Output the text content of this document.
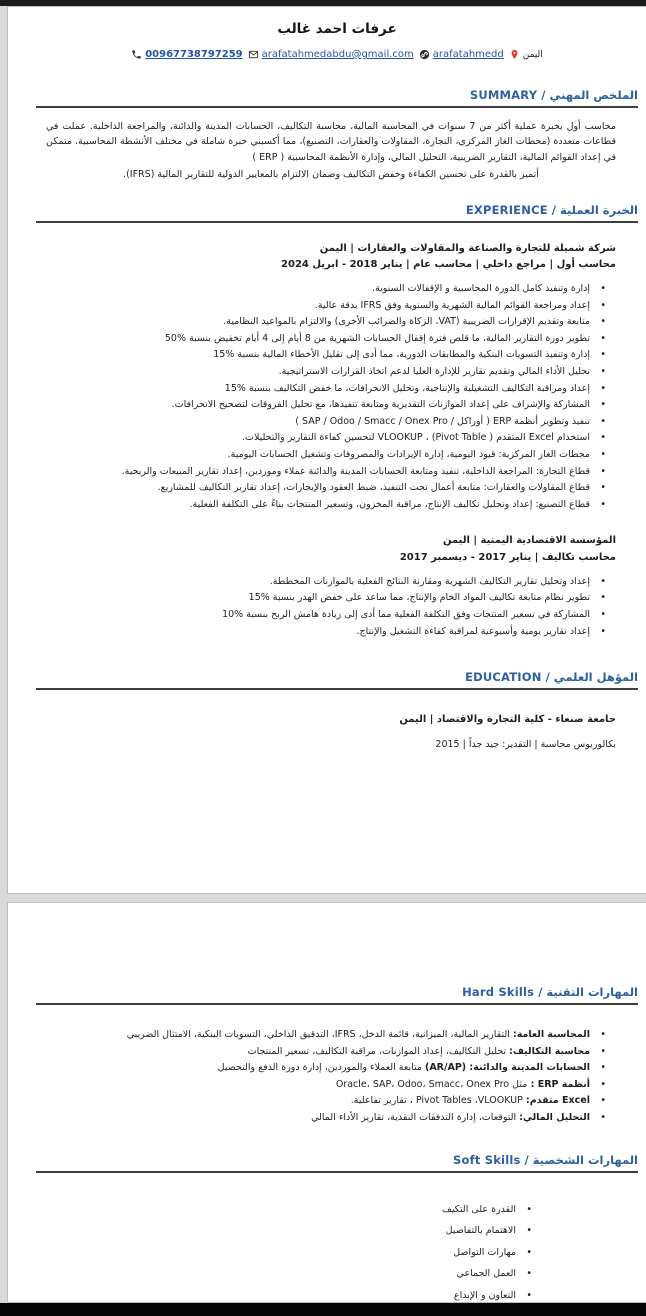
عرفات احمد غالب
00967738797259 arafatahmedabdu@gmail.com arafatahmedd اليمن
الملخص المهني / SUMMARY

محاسب أول بخبرة عملية أكثر من 7 سنوات في المحاسبة المالية، محاسبة التكاليف، الحسابات المدينة والدائنة، والمراجعة الداخلية. عملت في قطاعات متعددة (محطات الغاز المركزي، التجارة، المقاولات والعقارات، التصنيع)، مما أكسبني خبرة شاملة في مختلف الأنشطة المحاسبية. متمكن في إعداد القوائم المالية، التقارير الضريبية، التحليل المالي، وإدارة الأنظمة المحاسبية ( ERP )

أتميز بالقدرة على تحسين الكفاءة وخفض التكاليف وضمان الالتزام بالمعايير الدولية للتقارير المالية (IFRS).

الخبرة العملية / EXPERIENCE
شركة شميلة للتجارة والصناعة والمقاولات والعقارات | اليمن
محاسب أول | مراجع داخلي | محاسب عام | يناير 2018 - ابريل 2024
• إدارة وتنفيذ كامل الدورة المحاسبية و الإقفالات السنوية.
• إعداد ومراجعة القوائم المالية الشهرية والسنوية وفق IFRS بدقة عالية.
• متابعة وتقديم الإقرارات الضريبية (VAT، الزكاة والضرائب الأخرى) والالتزام بالمواعيد النظامية.
• تطوير دورة التقارير المالية، ما قلص فترة إقفال الحسابات الشهرية من 8 أيام إلى 4 أيام تخفيض بنسبة %50
• إدارة وتنفيذ التسويات البنكية والمطابقات الدورية، مما أدى إلى تقليل الأخطاء المالية بنسبة %15
• تحليل الأداء المالي وتقديم تقارير للإدارة العليا لدعم اتخاذ القرارات الاستراتيجية.
• إعداد ومراقبة التكاليف التشغيلية والإنتاجية، وتحليل الانحرافات، ما خفض التكاليف بنسبة %15
• المشاركة والإشراف على إعداد الموازنات التقديرية ومتابعة تنفيذها، مع تحليل الفروقات لتصحيح الانحرافات.
• تنفيذ وتطوير أنظمة ERP ( أوراكل / SAP / Odoo / Smacc / Onex Pro )
• استخدام Excel المتقدم VLOOKUP ، (Pivot Table ) لتحسين كفاءة التقارير والتحليلات.
• محطات الغاز المركزية: قيود اليومية، إدارة الإيرادات والمصروفات وتشغيل الحسابات اليومية.
• قطاع التجارة: المراجعة الداخلية، تنفيذ ومتابعة الحسابات المدينة والدائنة عملاء وموردين، إعداد تقارير المبيعات والربحية.
• قطاع المقاولات والعقارات: متابعة أعمال تحت التنفيذ، ضبط العقود والإيجارات، إعداد تقارير التكاليف للمشاريع.
• قطاع التصنيع: إعداد وتحليل تكاليف الإنتاج، مراقبة المخزون، وتسعير المنتجات بناءً على التكلفة الفعلية.
المؤسسة الاقتصادية اليمنية | اليمن
محاسب تكاليف | يناير 2017 - ديسمبر 2017
• إعداد وتحليل تقارير التكاليف الشهرية ومقارنة النتائج الفعلية بالموازنات المخططة.
• تطوير نظام متابعة تكاليف المواد الخام والإنتاج، مما ساعد على خفض الهدر بنسبة %15
• المشاركة في تسعير المنتجات وفق التكلفة الفعلية مما أدى إلى زيادة هامش الربح بنسبة %10
• إعداد تقارير يومية وأسبوعية لمراقبة كفاءة التشغيل والإنتاج.
المؤهل العلمي / EDUCATION
جامعة صنعاء - كلية التجارة والاقتصاد | اليمن
بكالوريوس محاسبة | التقدير: جيد جداً | 2015
المهارات التقنية / Hard Skills
• المحاسبة العامة: التقارير المالية، الميزانية، قائمة الدخل، IFRS، التدقيق الداخلي، التسويات البنكية، الامتثال الضريبي
• محاسبة التكاليف: تحليل التكاليف، إعداد الموازنات، مراقبة التكاليف، تسعير المنتجات
• الحسابات المدينة والدائنة: (AR/AP) متابعة العملاء والموردين، إدارة دورة الدفع والتحصيل
• أنظمة ERP : مثل Oracle، SAP، Odoo، Smacc، Onex Pro
• Excel متقدم: Pivot Tables ،VLOOKUP ، تقارير تفاعلية.
• التحليل المالي: التوقعات، إدارة التدفقات النقدية، تقارير الأداء المالي
المهارات الشخصية / Soft Skills
• القدرة على التكيف
• الاهتمام بالتفاصيل
• مهارات التواصل
• العمل الجماعي
• التعاون و الإبداع
